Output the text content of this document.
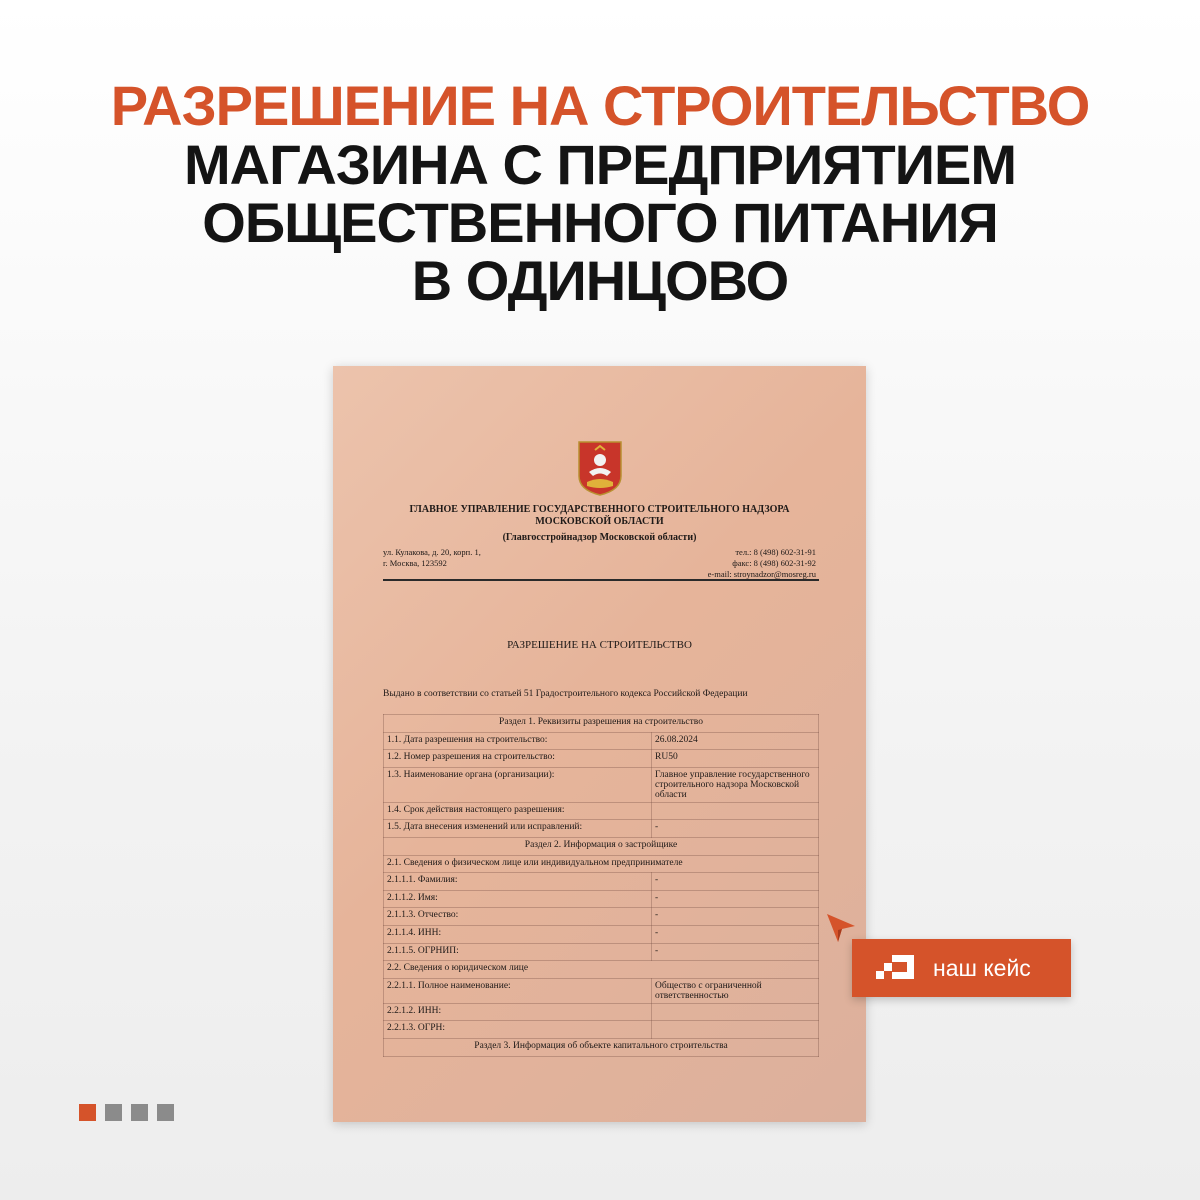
РАЗРЕШЕНИЕ НА СТРОИТЕЛЬСТВО
МАГАЗИНА С ПРЕДПРИЯТИЕМ
ОБЩЕСТВЕННОГО ПИТАНИЯ
В ОДИНЦОВО
ГЛАВНОЕ УПРАВЛЕНИЕ ГОСУДАРСТВЕННОГО СТРОИТЕЛЬНОГО НАДЗОРА
МОСКОВСКОЙ ОБЛАСТИ
(Главгосстройнадзор Московской области)
ул. Кулакова, д. 20, корп. 1,
г. Москва, 123592
тел.: 8 (498) 602-31-91
факс: 8 (498) 602-31-92
e-mail: stroynadzor@mosreg.ru
РАЗРЕШЕНИЕ НА СТРОИТЕЛЬСТВО
Выдано в соответствии со статьей 51 Градостроительного кодекса Российской Федерации
Раздел 1. Реквизиты разрешения на строительство	
1.1. Дата разрешения на строительство:	26.08.2024
1.2. Номер разрешения на строительство:	RU50
1.3. Наименование органа (организации):	Главное управление государственного строительного надзора Московской области
1.4. Срок действия настоящего разрешения:	
1.5. Дата внесения изменений или исправлений:	-
Раздел 2. Информация о застройщике	
2.1. Сведения о физическом лице или индивидуальном предпринимателе	
2.1.1.1. Фамилия:	-
2.1.1.2. Имя:	-
2.1.1.3. Отчество:	-
2.1.1.4. ИНН:	-
2.1.1.5. ОГРНИП:	-
2.2. Сведения о юридическом лице	
2.2.1.1. Полное наименование:	Общество с ограниченной ответственностью
2.2.1.2. ИНН:	
2.2.1.3. ОГРН:	
Раздел 3. Информация об объекте капитального строительства	
наш кейс
